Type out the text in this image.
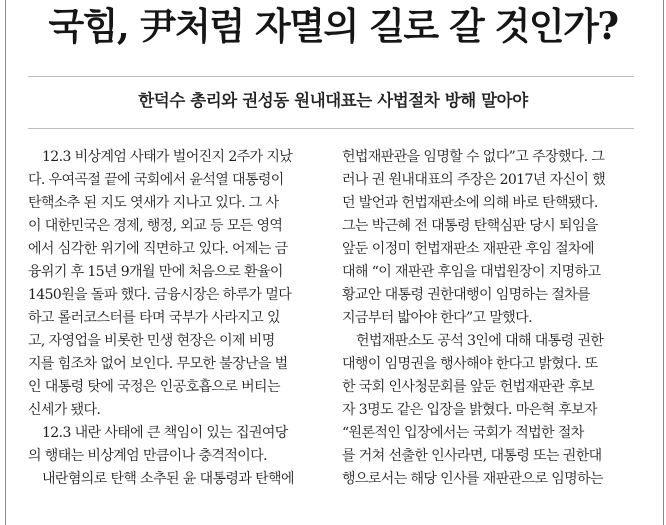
국힘, 尹처럼 자멸의 길로 갈 것인가?
한덕수 총리와 권성동 원내대표는 사법절차 방해 말아야
12.3 비상계엄 사태가 벌어진지 2주가 지났
다. 우여곡절 끝에 국회에서 윤석열 대통령이
탄핵소추 된 지도 엿새가 지나고 있다. 그 사
이 대한민국은 경제, 행정, 외교 등 모든 영역
에서 심각한 위기에 직면하고 있다. 어제는 금
융위기 후 15년 9개월 만에 처음으로 환율이
1450원을 돌파 했다. 금융시장은 하루가 멀다
하고 롤러코스터를 타며 국부가 사라지고 있
고, 자영업을 비롯한 민생 현장은 이제 비명
지를 힘조차 없어 보인다. 무모한 불장난을 벌
인 대통령 탓에 국정은 인공호흡으로 버티는
신세가 됐다.
12.3 내란 사태에 큰 책임이 있는 집권여당
의 행태는 비상계엄 만큼이나 충격적이다.
내란혐의로 탄핵 소추된 윤 대통령과 탄핵에
헌법재판관을 임명할 수 없다”고 주장했다. 그
러나 권 원내대표의 주장은 2017년 자신이 했
던 발언과 헌법재판소에 의해 바로 탄핵됐다.
그는 박근혜 전 대통령 탄핵심판 당시 퇴임을
앞둔 이정미 헌법재판소 재판관 후임 절차에
대해 “이 재판관 후임을 대법원장이 지명하고
황교안 대통령 권한대행이 임명하는 절차를
지금부터 밟아야 한다”고 말했다.
헌법재판소도 공석 3인에 대해 대통령 권한
대행이 임명권을 행사해야 한다고 밝혔다. 또
한 국회 인사청문회를 앞둔 헌법재판관 후보
자 3명도 같은 입장을 밝혔다. 마은혁 후보자
“원론적인 입장에서는 국회가 적법한 절차
를 거쳐 선출한 인사라면, 대통령 또는 권한대
행으로서는 해당 인사를 재판관으로 임명하는
